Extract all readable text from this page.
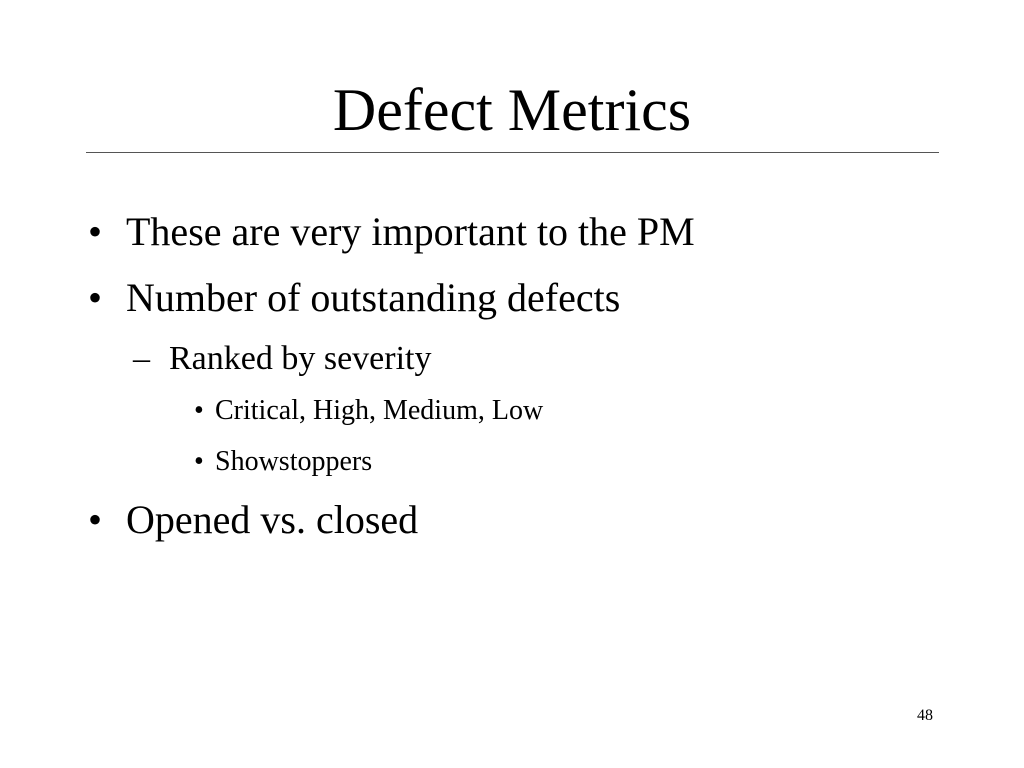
Defect Metrics
• These are very important to the PM
• Number of outstanding defects
– Ranked by severity
• Critical, High, Medium, Low
• Showstoppers
• Opened vs. closed
48
